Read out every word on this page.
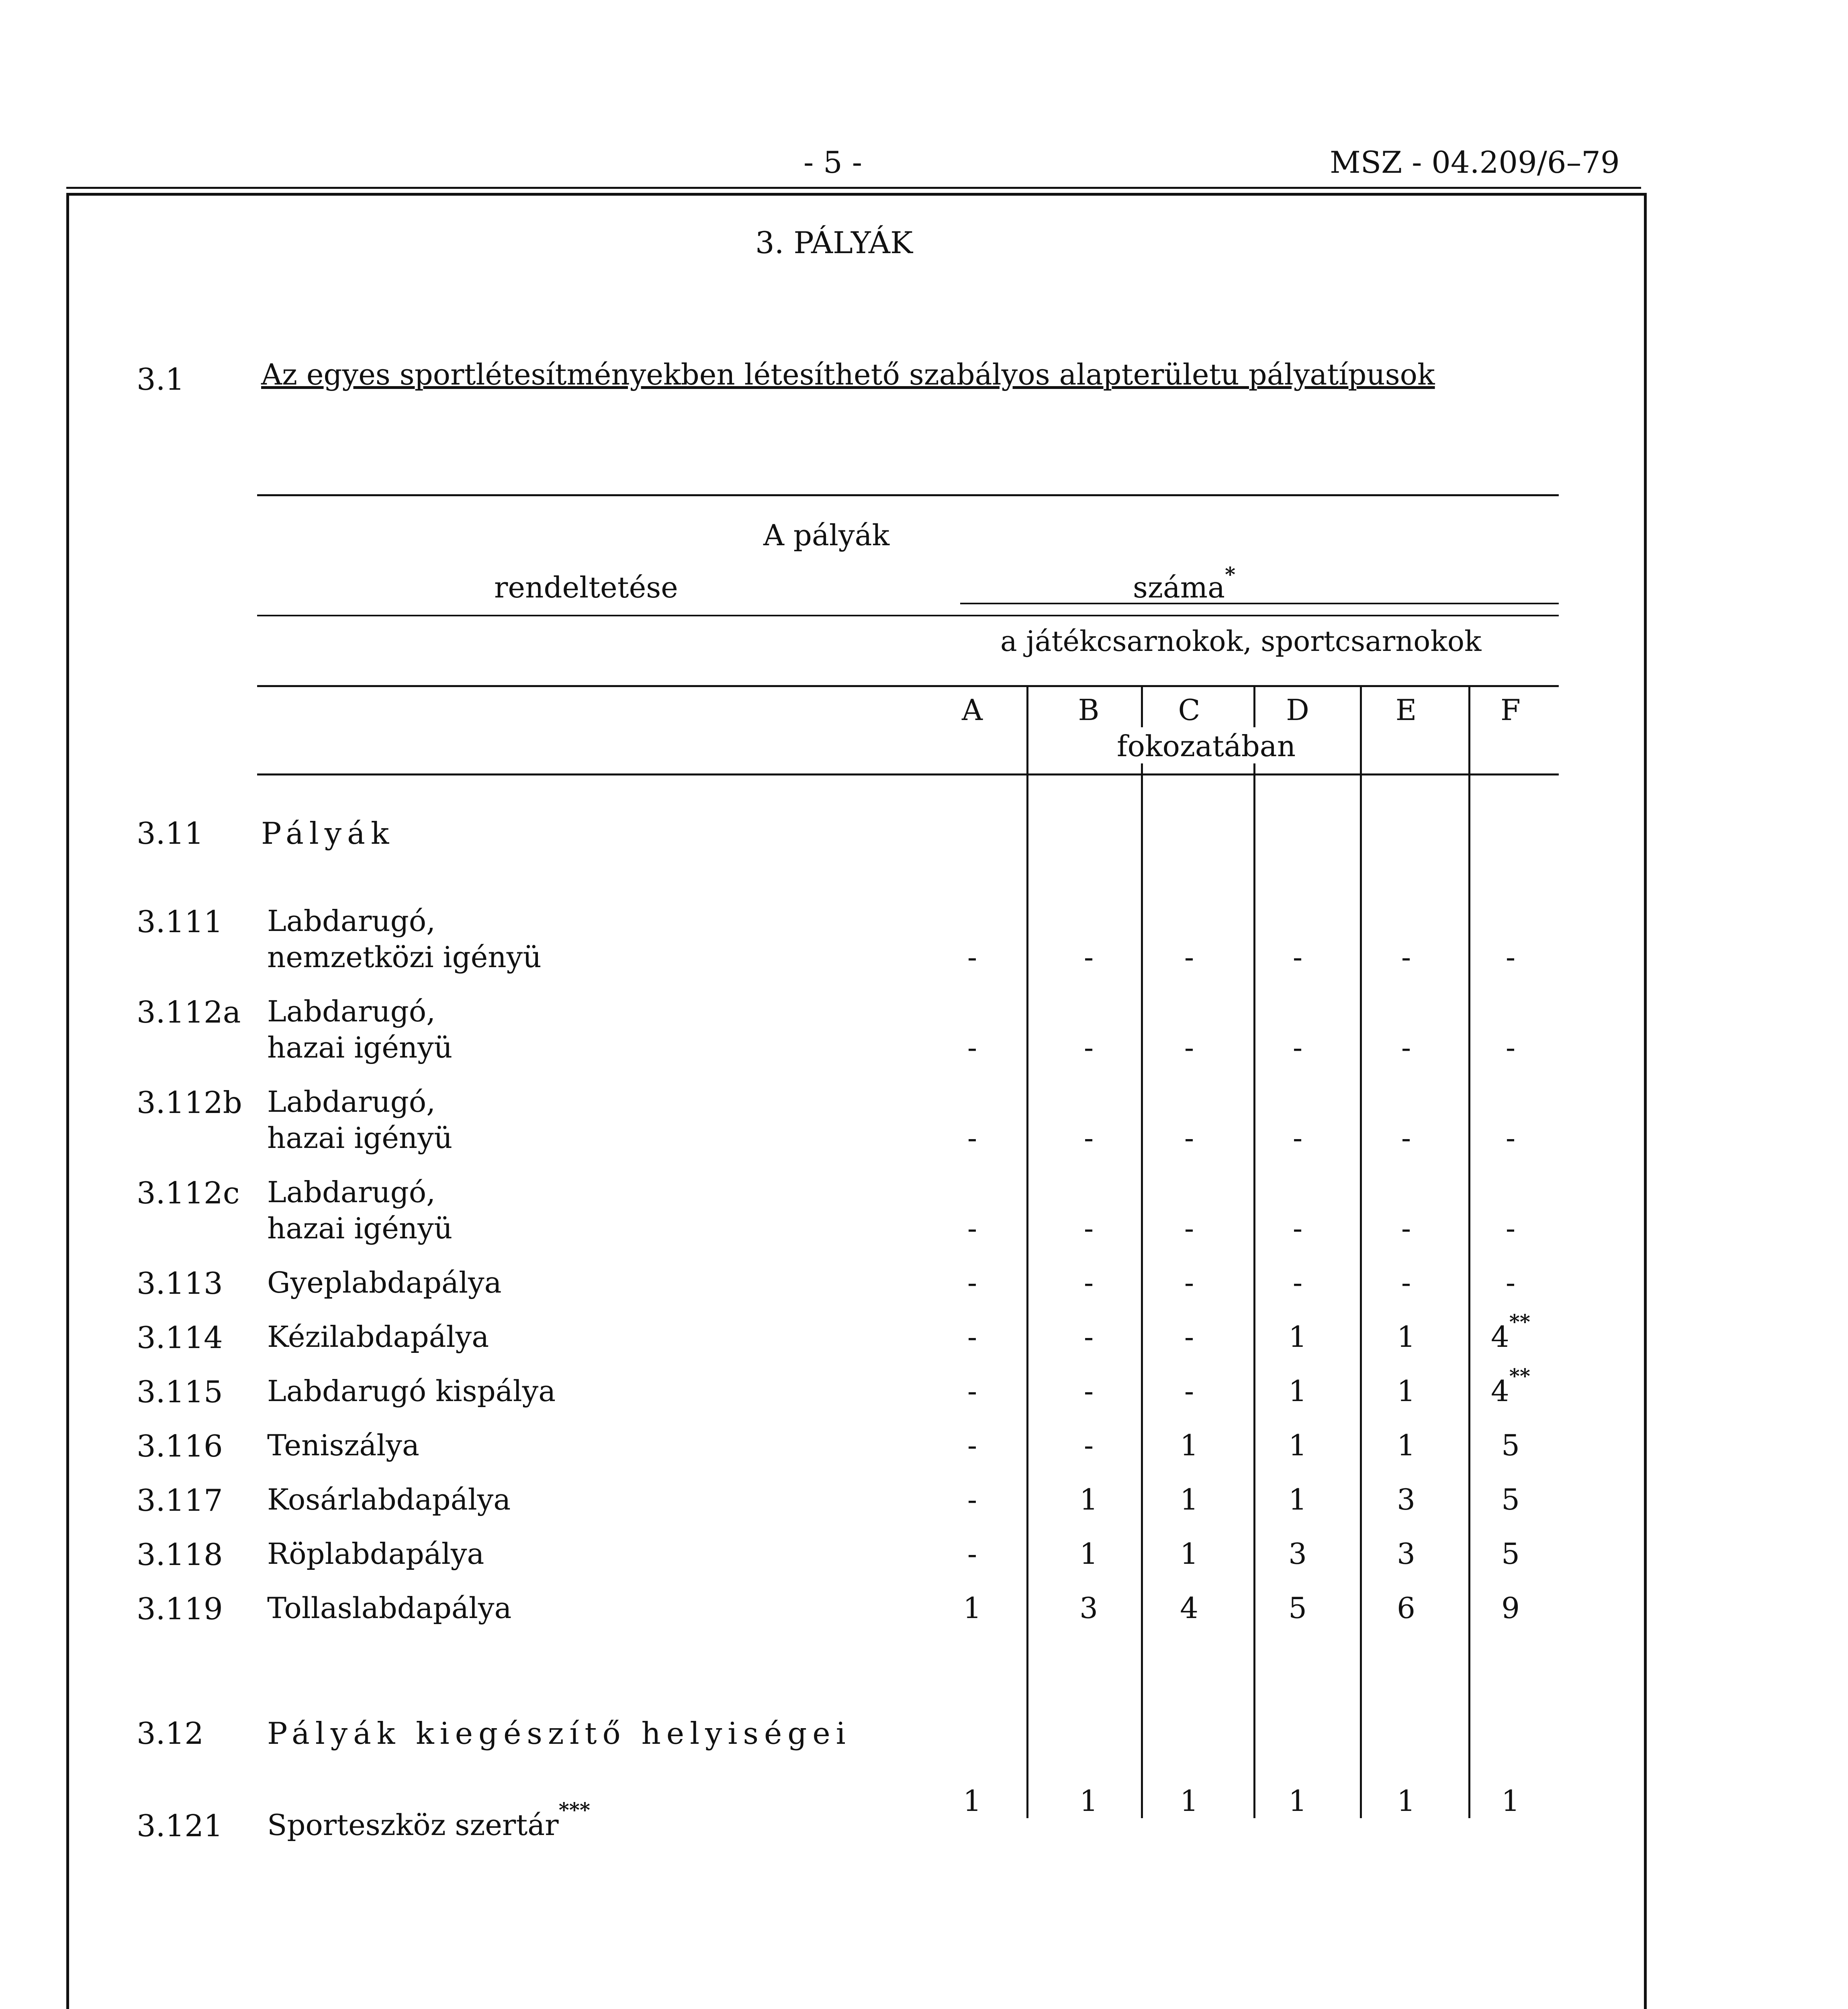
- 5 -	MSZ - 04.209/6–79
3. PÁLYÁK
3.1	Az egyes sportlétesítményekben létesíthető szabályos alapterületu pályatípusok
A pályák
rendeltetése	száma*
a játékcsarnokok, sportcsarnokok
A	B	C	D	E	F
fokozatában
3.11 Pályák
3.111 Labdarugó,
nemzetközi igényü	-	-	-	-	-	-
3.112a Labdarugó,
hazai igényü	-	-	-	-	-	-
3.112b Labdarugó,
hazai igényü	-	-	-	-	-	-
3.112c Labdarugó,
hazai igényü	-	-	-	-	-	-
3.113 Gyeplabdapálya	-	-	-	-	-	-
3.114 Kézilabdapálya	-	-	-	1	1	4**
3.115 Labdarugó kispálya	-	-	-	1	1	4**
3.116 Teniszálya	-	-	1	1	1	5
3.117 Kosárlabdapálya	-	1	1	1	3	5
3.118 Röplabdapálya	-	1	1	3	3	5
3.119 Tollaslabdapálya	1	3	4	5	6	9
3.12 Pályák kiegészítő helyiségei
3.121 Sporteszköz szertár***	1	1	1	1	1	1
